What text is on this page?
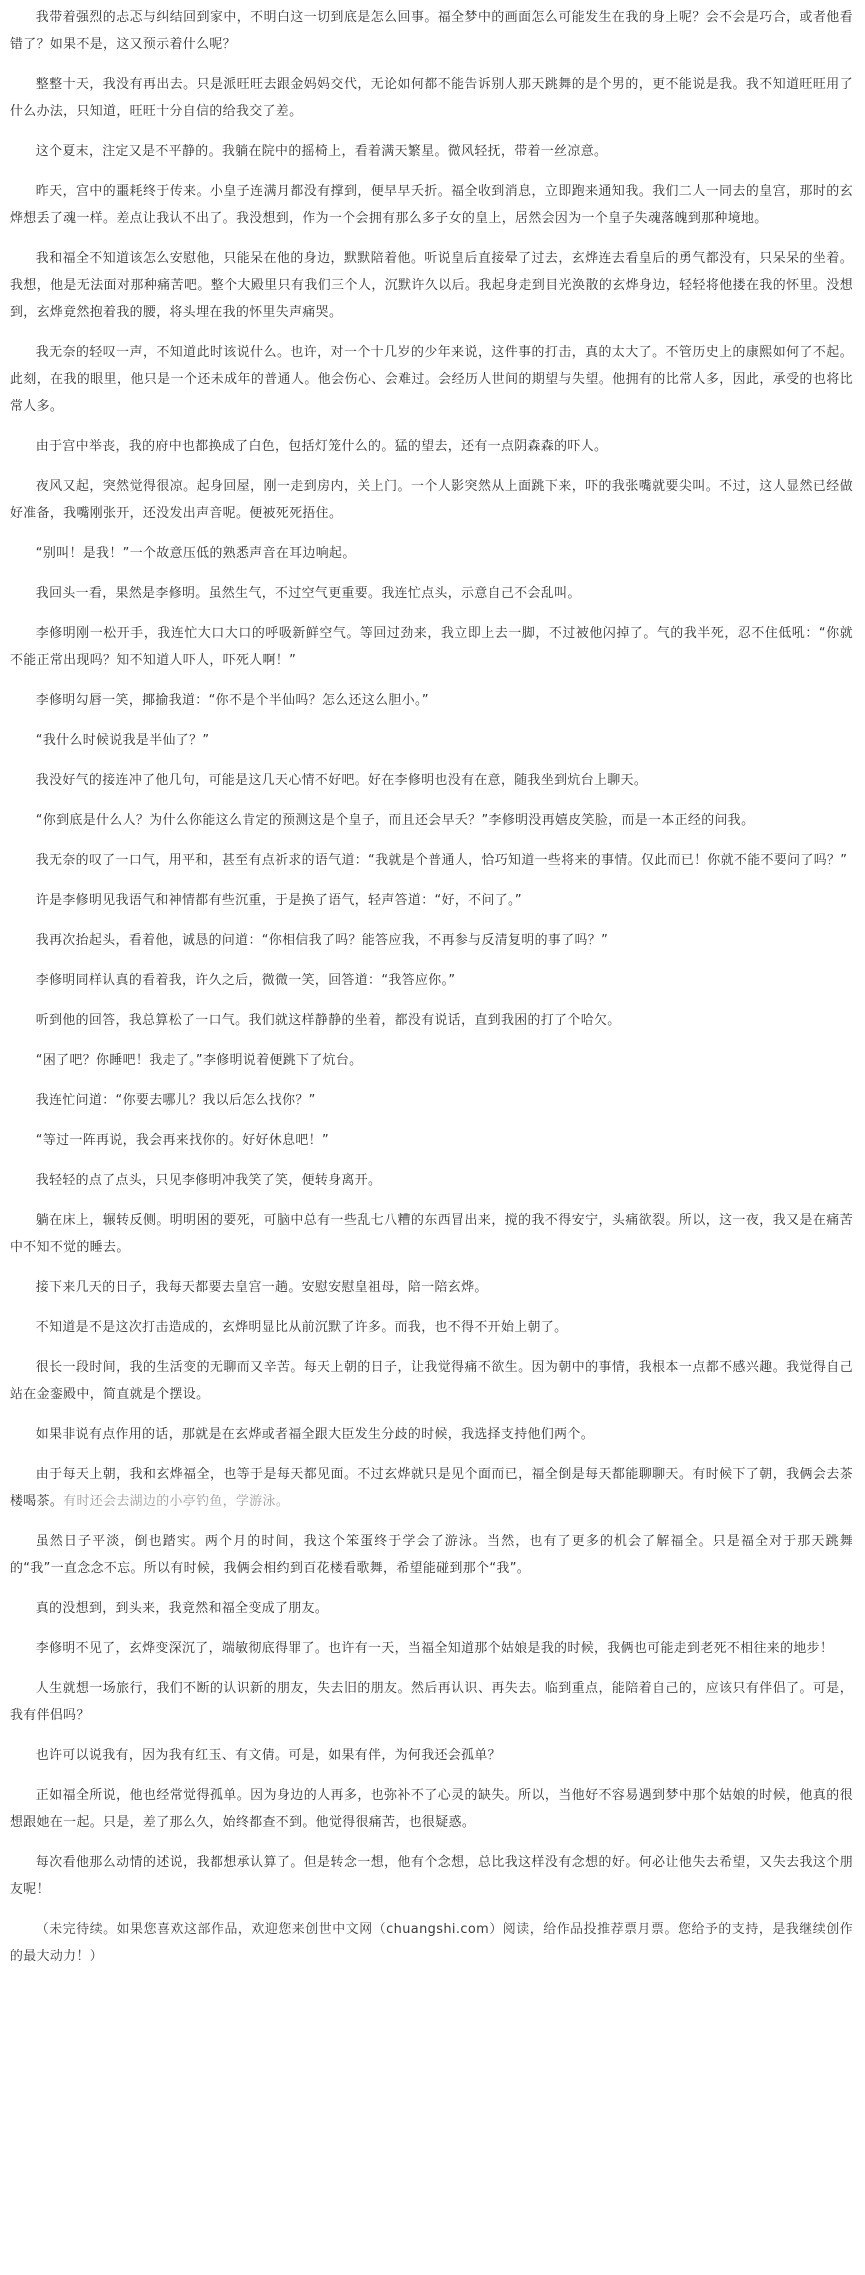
我带着强烈的忐忑与纠结回到家中，不明白这一切到底是怎么回事。福全梦中的画面怎么可能发生在我的身上呢？会不会是巧合，或者他看错了？如果不是，这又预示着什么呢？

整整十天，我没有再出去。只是派旺旺去跟金妈妈交代，无论如何都不能告诉别人那天跳舞的是个男的，更不能说是我。我不知道旺旺用了什么办法，只知道，旺旺十分自信的给我交了差。

这个夏末，注定又是不平静的。我躺在院中的摇椅上，看着满天繁星。微风轻抚，带着一丝凉意。

昨天，宫中的噩耗终于传来。小皇子连满月都没有撑到，便早早夭折。福全收到消息，立即跑来通知我。我们二人一同去的皇宫，那时的玄烨想丢了魂一样。差点让我认不出了。我没想到，作为一个会拥有那么多子女的皇上，居然会因为一个皇子失魂落魄到那种境地。

我和福全不知道该怎么安慰他，只能呆在他的身边，默默陪着他。听说皇后直接晕了过去，玄烨连去看皇后的勇气都没有，只呆呆的坐着。我想，他是无法面对那种痛苦吧。整个大殿里只有我们三个人，沉默许久以后。我起身走到目光涣散的玄烨身边，轻轻将他搂在我的怀里。没想到，玄烨竟然抱着我的腰，将头埋在我的怀里失声痛哭。

我无奈的轻叹一声，不知道此时该说什么。也许，对一个十几岁的少年来说，这件事的打击，真的太大了。不管历史上的康熙如何了不起。此刻，在我的眼里，他只是一个还未成年的普通人。他会伤心、会难过。会经历人世间的期望与失望。他拥有的比常人多，因此，承受的也将比常人多。

由于宫中举丧，我的府中也都换成了白色，包括灯笼什么的。猛的望去，还有一点阴森森的吓人。

夜风又起，突然觉得很凉。起身回屋，刚一走到房内，关上门。一个人影突然从上面跳下来，吓的我张嘴就要尖叫。不过，这人显然已经做好准备，我嘴刚张开，还没发出声音呢。便被死死捂住。

“别叫！是我！”一个故意压低的熟悉声音在耳边响起。

我回头一看，果然是李修明。虽然生气，不过空气更重要。我连忙点头，示意自己不会乱叫。

李修明刚一松开手，我连忙大口大口的呼吸新鲜空气。等回过劲来，我立即上去一脚，不过被他闪掉了。气的我半死，忍不住低吼：“你就不能正常出现吗？知不知道人吓人，吓死人啊！”

李修明勾唇一笑，揶揄我道：“你不是个半仙吗？怎么还这么胆小。”

“我什么时候说我是半仙了？”

我没好气的接连冲了他几句，可能是这几天心情不好吧。好在李修明也没有在意，随我坐到炕台上聊天。

“你到底是什么人？为什么你能这么肯定的预测这是个皇子，而且还会早夭？”李修明没再嬉皮笑脸，而是一本正经的问我。

我无奈的叹了一口气，用平和，甚至有点祈求的语气道：“我就是个普通人，恰巧知道一些将来的事情。仅此而已！你就不能不要问了吗？”

许是李修明见我语气和神情都有些沉重，于是换了语气，轻声答道：“好，不问了。”

我再次抬起头，看着他，诚恳的问道：“你相信我了吗？能答应我，不再参与反清复明的事了吗？”

李修明同样认真的看着我，许久之后，微微一笑，回答道：“我答应你。”

听到他的回答，我总算松了一口气。我们就这样静静的坐着，都没有说话，直到我困的打了个哈欠。

“困了吧？你睡吧！我走了。”李修明说着便跳下了炕台。

我连忙问道：“你要去哪儿？我以后怎么找你？”

“等过一阵再说，我会再来找你的。好好休息吧！”

我轻轻的点了点头，只见李修明冲我笑了笑，便转身离开。

躺在床上，辗转反侧。明明困的要死，可脑中总有一些乱七八糟的东西冒出来，搅的我不得安宁，头痛欲裂。所以，这一夜，我又是在痛苦中不知不觉的睡去。

接下来几天的日子，我每天都要去皇宫一趟。安慰安慰皇祖母，陪一陪玄烨。

不知道是不是这次打击造成的，玄烨明显比从前沉默了许多。而我，也不得不开始上朝了。

很长一段时间，我的生活变的无聊而又辛苦。每天上朝的日子，让我觉得痛不欲生。因为朝中的事情，我根本一点都不感兴趣。我觉得自己站在金銮殿中，简直就是个摆设。

如果非说有点作用的话，那就是在玄烨或者福全跟大臣发生分歧的时候，我选择支持他们两个。

由于每天上朝，我和玄烨福全，也等于是每天都见面。不过玄烨就只是见个面而已，福全倒是每天都能聊聊天。有时候下了朝，我俩会去茶楼喝茶。有时还会去湖边的小亭钓鱼，学游泳。

虽然日子平淡，倒也踏实。两个月的时间，我这个笨蛋终于学会了游泳。当然，也有了更多的机会了解福全。只是福全对于那天跳舞的“我”一直念念不忘。所以有时候，我俩会相约到百花楼看歌舞，希望能碰到那个“我”。

真的没想到，到头来，我竟然和福全变成了朋友。

李修明不见了，玄烨变深沉了，端敏彻底得罪了。也许有一天，当福全知道那个姑娘是我的时候，我俩也可能走到老死不相往来的地步！

人生就想一场旅行，我们不断的认识新的朋友，失去旧的朋友。然后再认识、再失去。临到重点，能陪着自己的，应该只有伴侣了。可是，我有伴侣吗？

也许可以说我有，因为我有红玉、有文倩。可是，如果有伴，为何我还会孤单？

正如福全所说，他也经常觉得孤单。因为身边的人再多，也弥补不了心灵的缺失。所以，当他好不容易遇到梦中那个姑娘的时候，他真的很想跟她在一起。只是，差了那么久，始终都查不到。他觉得很痛苦，也很疑惑。

每次看他那么动情的述说，我都想承认算了。但是转念一想，他有个念想，总比我这样没有念想的好。何必让他失去希望，又失去我这个朋友呢！

（未完待续。如果您喜欢这部作品，欢迎您来创世中文网（chuangshi.com）阅读，给作品投推荐票月票。您给予的支持，是我继续创作的最大动力！）
